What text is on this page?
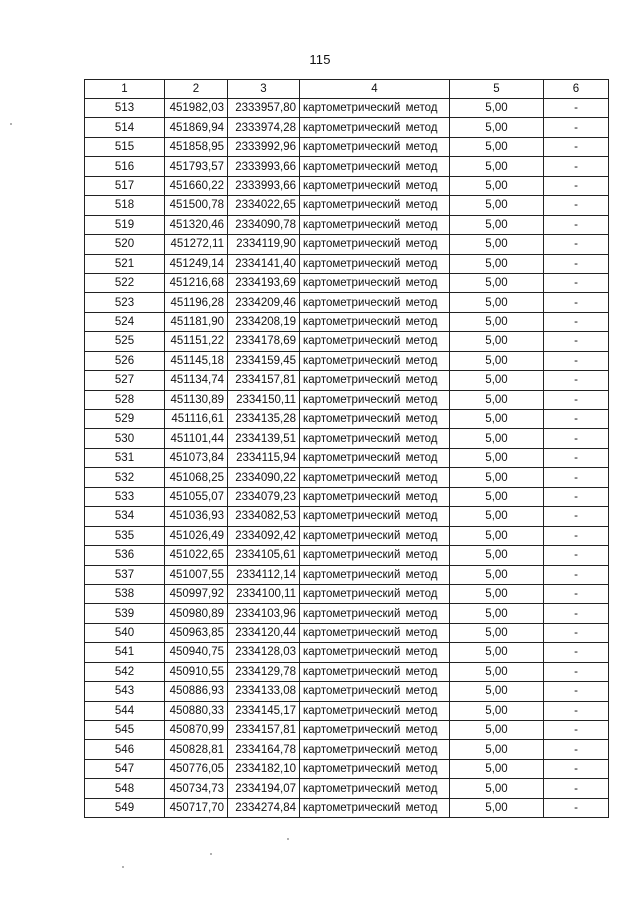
115
1	2	3	4	5	6
513	451982,03	2333957,80	картометрический метод	5,00	-
514	451869,94	2333974,28	картометрический метод	5,00	-
515	451858,95	2333992,96	картометрический метод	5,00	-
516	451793,57	2333993,66	картометрический метод	5,00	-
517	451660,22	2333993,66	картометрический метод	5,00	-
518	451500,78	2334022,65	картометрический метод	5,00	-
519	451320,46	2334090,78	картометрический метод	5,00	-
520	451272,11	2334119,90	картометрический метод	5,00	-
521	451249,14	2334141,40	картометрический метод	5,00	-
522	451216,68	2334193,69	картометрический метод	5,00	-
523	451196,28	2334209,46	картометрический метод	5,00	-
524	451181,90	2334208,19	картометрический метод	5,00	-
525	451151,22	2334178,69	картометрический метод	5,00	-
526	451145,18	2334159,45	картометрический метод	5,00	-
527	451134,74	2334157,81	картометрический метод	5,00	-
528	451130,89	2334150,11	картометрический метод	5,00	-
529	451116,61	2334135,28	картометрический метод	5,00	-
530	451101,44	2334139,51	картометрический метод	5,00	-
531	451073,84	2334115,94	картометрический метод	5,00	-
532	451068,25	2334090,22	картометрический метод	5,00	-
533	451055,07	2334079,23	картометрический метод	5,00	-
534	451036,93	2334082,53	картометрический метод	5,00	-
535	451026,49	2334092,42	картометрический метод	5,00	-
536	451022,65	2334105,61	картометрический метод	5,00	-
537	451007,55	2334112,14	картометрический метод	5,00	-
538	450997,92	2334100,11	картометрический метод	5,00	-
539	450980,89	2334103,96	картометрический метод	5,00	-
540	450963,85	2334120,44	картометрический метод	5,00	-
541	450940,75	2334128,03	картометрический метод	5,00	-
542	450910,55	2334129,78	картометрический метод	5,00	-
543	450886,93	2334133,08	картометрический метод	5,00	-
544	450880,33	2334145,17	картометрический метод	5,00	-
545	450870,99	2334157,81	картометрический метод	5,00	-
546	450828,81	2334164,78	картометрический метод	5,00	-
547	450776,05	2334182,10	картометрический метод	5,00	-
548	450734,73	2334194,07	картометрический метод	5,00	-
549	450717,70	2334274,84	картометрический метод	5,00	-
